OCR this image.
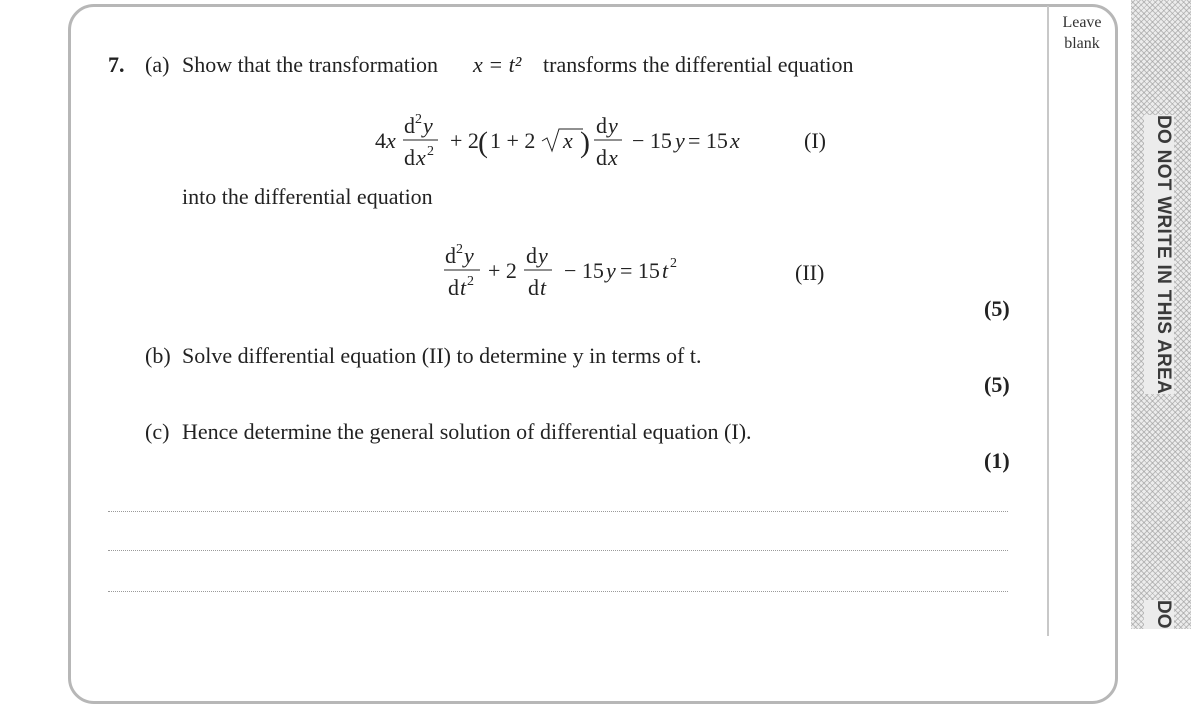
Leave
blank
DO NOT WRITE IN THIS AREA
DO
7. (a) Show that the transformation x = t² transforms the differential equation
4 x
d 2 y
d x 2 + 2 ( 1 + 2 x )
d y
d x
− 15 y = 15 x	(I)
into the differential equation
d 2 y
d t 2 + 2
d y
d t
− 15 y = 15 t 2	(II)
(5)
(b) Solve differential equation (II) to determine y in terms of t.
(5)
(c) Hence determine the general solution of differential equation (I).
(1)
